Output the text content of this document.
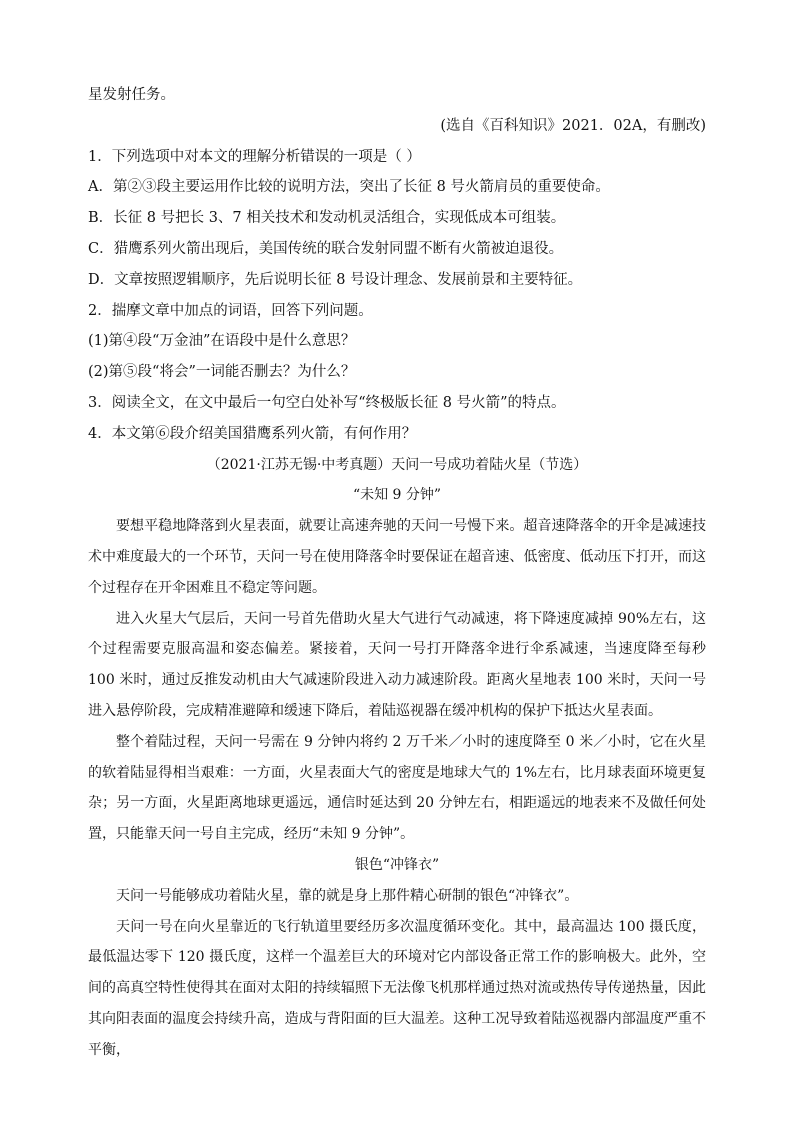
星发射任务。
(选自《百科知识》2021．02A，有删改)
1．下列选项中对本文的理解分析错误的一项是（ ）
A．第②③段主要运用作比较的说明方法，突出了长征 8 号火箭肩员的重要使命。
B．长征 8 号把长 3、7 相关技术和发动机灵活组合，实现低成本可组装。
C．猎鹰系列火箭出现后，美国传统的联合发射同盟不断有火箭被迫退役。
D．文章按照逻辑顺序，先后说明长征 8 号设计理念、发展前景和主要特征。
2．揣摩文章中加点的词语，回答下列问题。
(1)第④段“万金油”在语段中是什么意思？
(2)第⑤段“将会”一词能否删去？为什么？
3．阅读全文，在文中最后一句空白处补写“终极版长征 8 号火箭”的特点。
4．本文第⑥段介绍美国猎鹰系列火箭，有何作用？
（2021·江苏无锡·中考真题）天问一号成功着陆火星（节选）
“未知 9 分钟”
要想平稳地降落到火星表面，就要让高速奔驰的天问一号慢下来。超音速降落伞的开伞是减速技术中难度最大的一个环节，天问一号在使用降落伞时要保证在超音速、低密度、低动压下打开，而这个过程存在开伞困难且不稳定等问题。
进入火星大气层后，天问一号首先借助火星大气进行气动减速，将下降速度减掉 90%左右，这个过程需要克服高温和姿态偏差。紧接着，天问一号打开降落伞进行伞系减速，当速度降至每秒 100 米时，通过反推发动机由大气减速阶段进入动力减速阶段。距离火星地表 100 米时，天问一号进入悬停阶段，完成精准避障和缓速下降后，着陆巡视器在缓冲机构的保护下抵达火星表面。
整个着陆过程，天问一号需在 9 分钟内将约 2 万千米／小时的速度降至 0 米／小时，它在火星的软着陆显得相当艰难：一方面，火星表面大气的密度是地球大气的 1%左右，比月球表面环境更复杂；另一方面，火星距离地球更遥远，通信时延达到 20 分钟左右，相距遥远的地表来不及做任何处置，只能靠天问一号自主完成，经历“未知 9 分钟”。
银色“冲锋衣”
天问一号能够成功着陆火星，靠的就是身上那件精心研制的银色“冲锋衣”。
天问一号在向火星靠近的飞行轨道里要经历多次温度循环变化。其中，最高温达 100 摄氏度，最低温达零下 120 摄氏度，这样一个温差巨大的环境对它内部设备正常工作的影响极大。此外，空间的高真空特性使得其在面对太阳的持续辐照下无法像飞机那样通过热对流或热传导传递热量，因此其向阳表面的温度会持续升高，造成与背阳面的巨大温差。这种工况导致着陆巡视器内部温度严重不平衡，
